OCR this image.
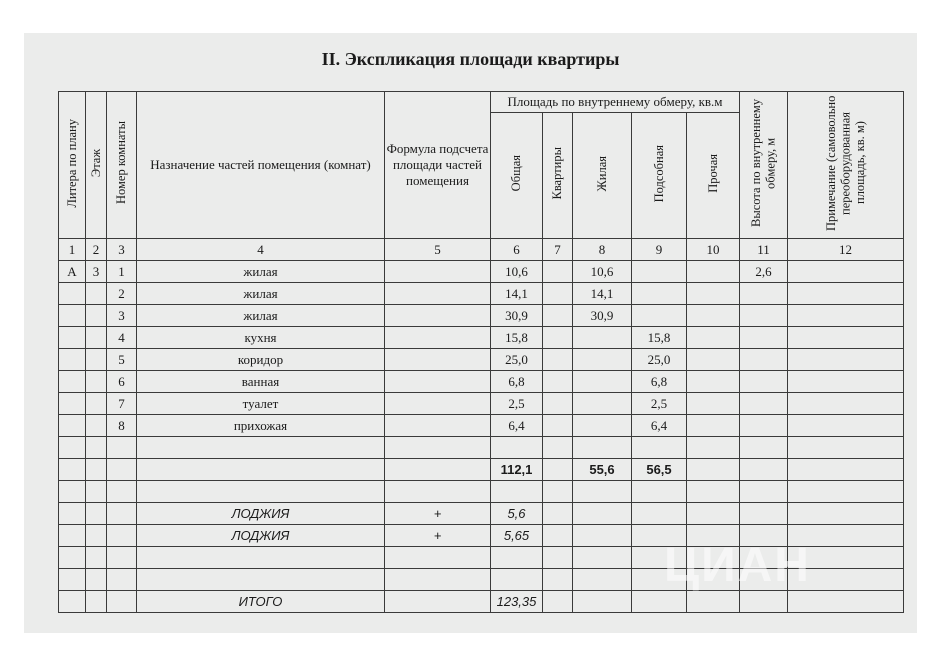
II. Экспликация площади квартиры
Литера по плану	Этаж	Номер комнаты	Назначение частей помещения (комнат)	Формула подсчета площади частей помещения	Площадь по внутреннему обмеру, кв.м					Высота по внутреннему обмеру, м	Примечание (самовольно переоборудованная площадь, кв. м)
					Общая	Квартиры	Жилая	Подсобная	Прочая		
1	2	3	4	5	6	7	8	9	10	11	12
А	3	1	жилая		10,6		10,6			2,6	
		2	жилая		14,1		14,1				
		3	жилая		30,9		30,9				
		4	кухня		15,8			15,8			
		5	коридор		25,0			25,0			
		6	ванная		6,8			6,8			
		7	туалет		2,5			2,5			
		8	прихожая		6,4			6,4			

					112,1		55,6	56,5			

			ЛОДЖИЯ	+	5,6						
			ЛОДЖИЯ	+	5,65						

			ИТОГО		123,35						
ЦИАН
